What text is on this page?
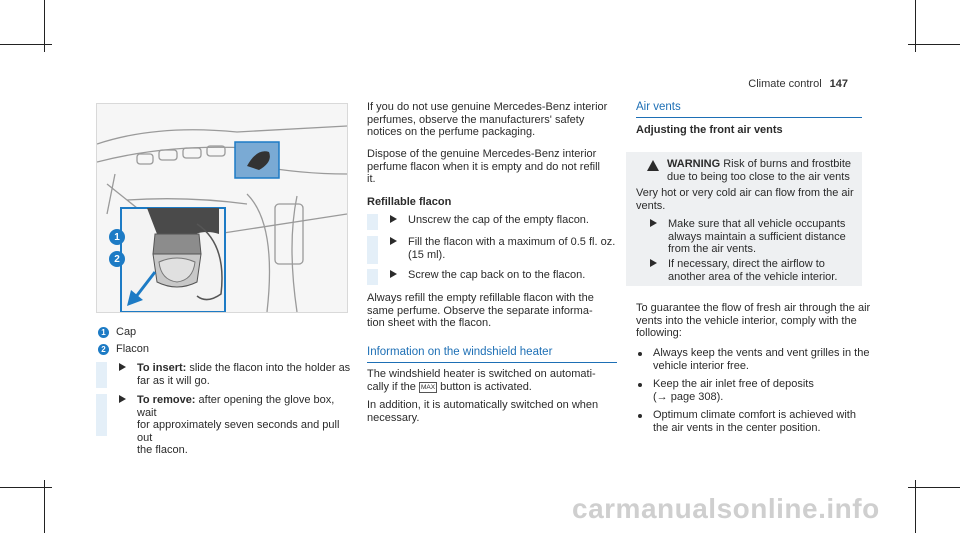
Climate control 147
1
2
1 Cap
2 Flacon
To insert: slide the flacon into the holder as
far as it will go.
To remove: after opening the glove box, wait
for approximately seven seconds and pull out
the flacon.
If you do not use genuine Mercedes-Benz interior
perfumes, observe the manufacturers' safety
notices on the perfume packaging.
Dispose of the genuine Mercedes-Benz interior
perfume flacon when it is empty and do not refill
it.
Refillable flacon
Unscrew the cap of the empty flacon.
Fill the flacon with a maximum of 0.5 fl. oz.
(15 ml).
Screw the cap back on to the flacon.
Always refill the empty refillable flacon with the
same perfume. Observe the separate informa-
tion sheet with the flacon.
Information on the windshield heater
The windshield heater is switched on automati-
cally if the MAX button is activated.
In addition, it is automatically switched on when
necessary.
Air vents
Adjusting the front air vents
WARNING Risk of burns and frostbite
due to being too close to the air vents
Very hot or very cold air can flow from the air
vents.
Make sure that all vehicle occupants
always maintain a sufficient distance
from the air vents.
If necessary, direct the airflow to
another area of the vehicle interior.
To guarantee the flow of fresh air through the air
vents into the vehicle interior, comply with the
following:
Always keep the vents and vent grilles in the
vehicle interior free.
Keep the air inlet free of deposits
(→ page 308).
Optimum climate comfort is achieved with
the air vents in the center position.
carmanualsonline.info
